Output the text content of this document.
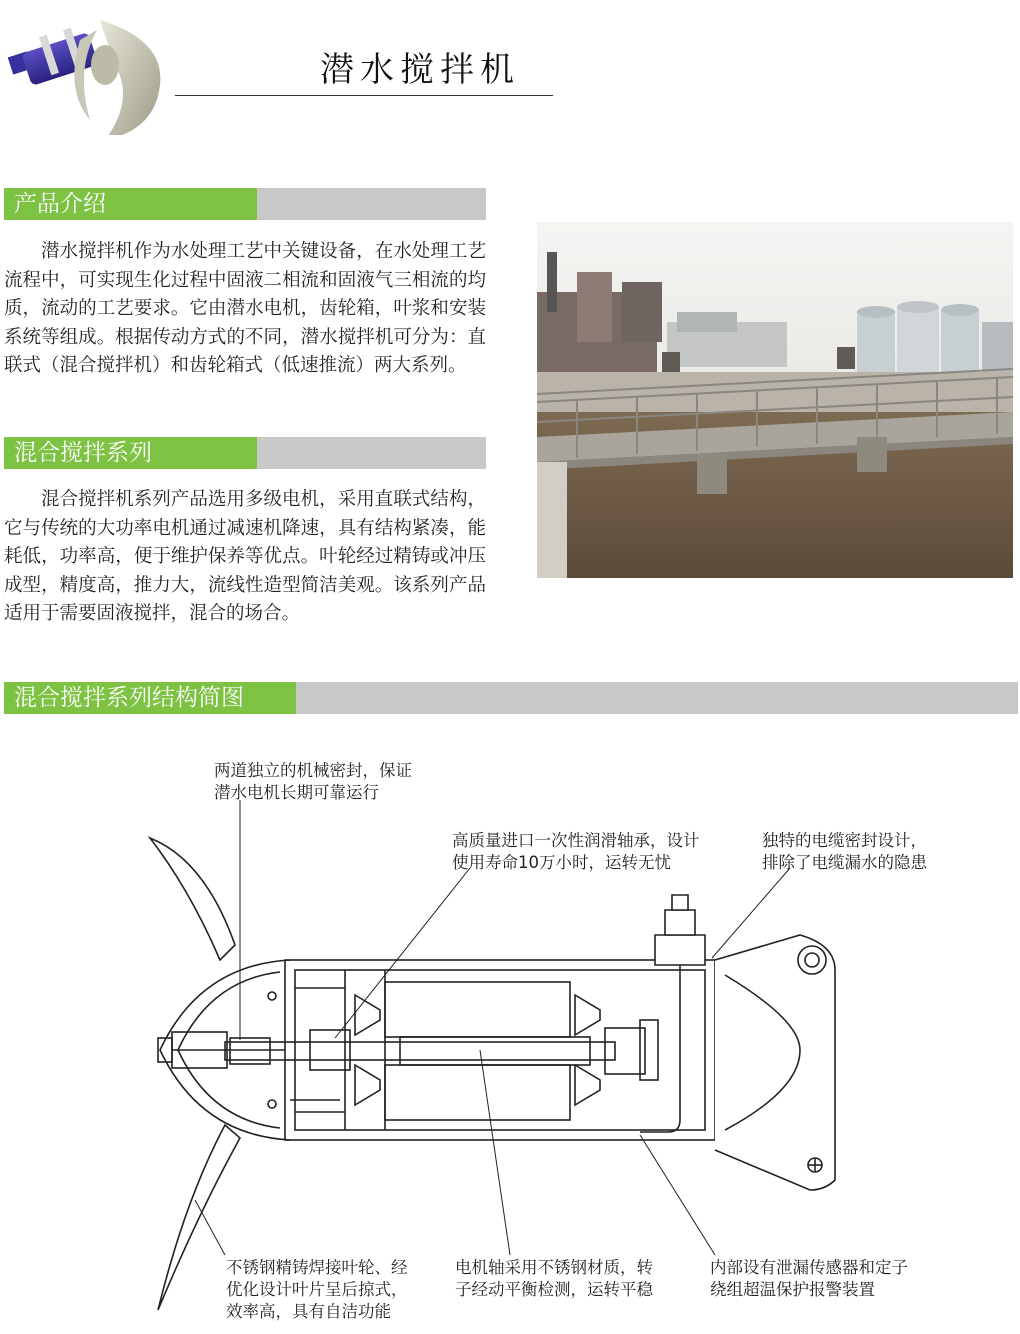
潜水搅拌机
产品介绍
潜水搅拌机作为水处理工艺中关键设备，在水处理工艺流程中，可实现生化过程中固液二相流和固液气三相流的均质，流动的工艺要求。它由潜水电机，齿轮箱，叶浆和安装系统等组成。根据传动方式的不同，潜水搅拌机可分为：直联式（混合搅拌机）和齿轮箱式（低速推流）两大系列。
混合搅拌系列
混合搅拌机系列产品选用多级电机，采用直联式结构，它与传统的大功率电机通过减速机降速，具有结构紧凑，能耗低，功率高，便于维护保养等优点。叶轮经过精铸或冲压成型，精度高，推力大，流线性造型简洁美观。该系列产品适用于需要固液搅拌，混合的场合。
混合搅拌系列结构简图
两道独立的机械密封，保证
潜水电机长期可靠运行
高质量进口一次性润滑轴承，设计
使用寿命10万小时，运转无忧
独特的电缆密封设计，
排除了电缆漏水的隐患
不锈钢精铸焊接叶轮、经
优化设计叶片呈后掠式，
效率高，具有自洁功能
电机轴采用不锈钢材质，转
子经动平衡检测，运转平稳
内部设有泄漏传感器和定子
绕组超温保护报警装置
